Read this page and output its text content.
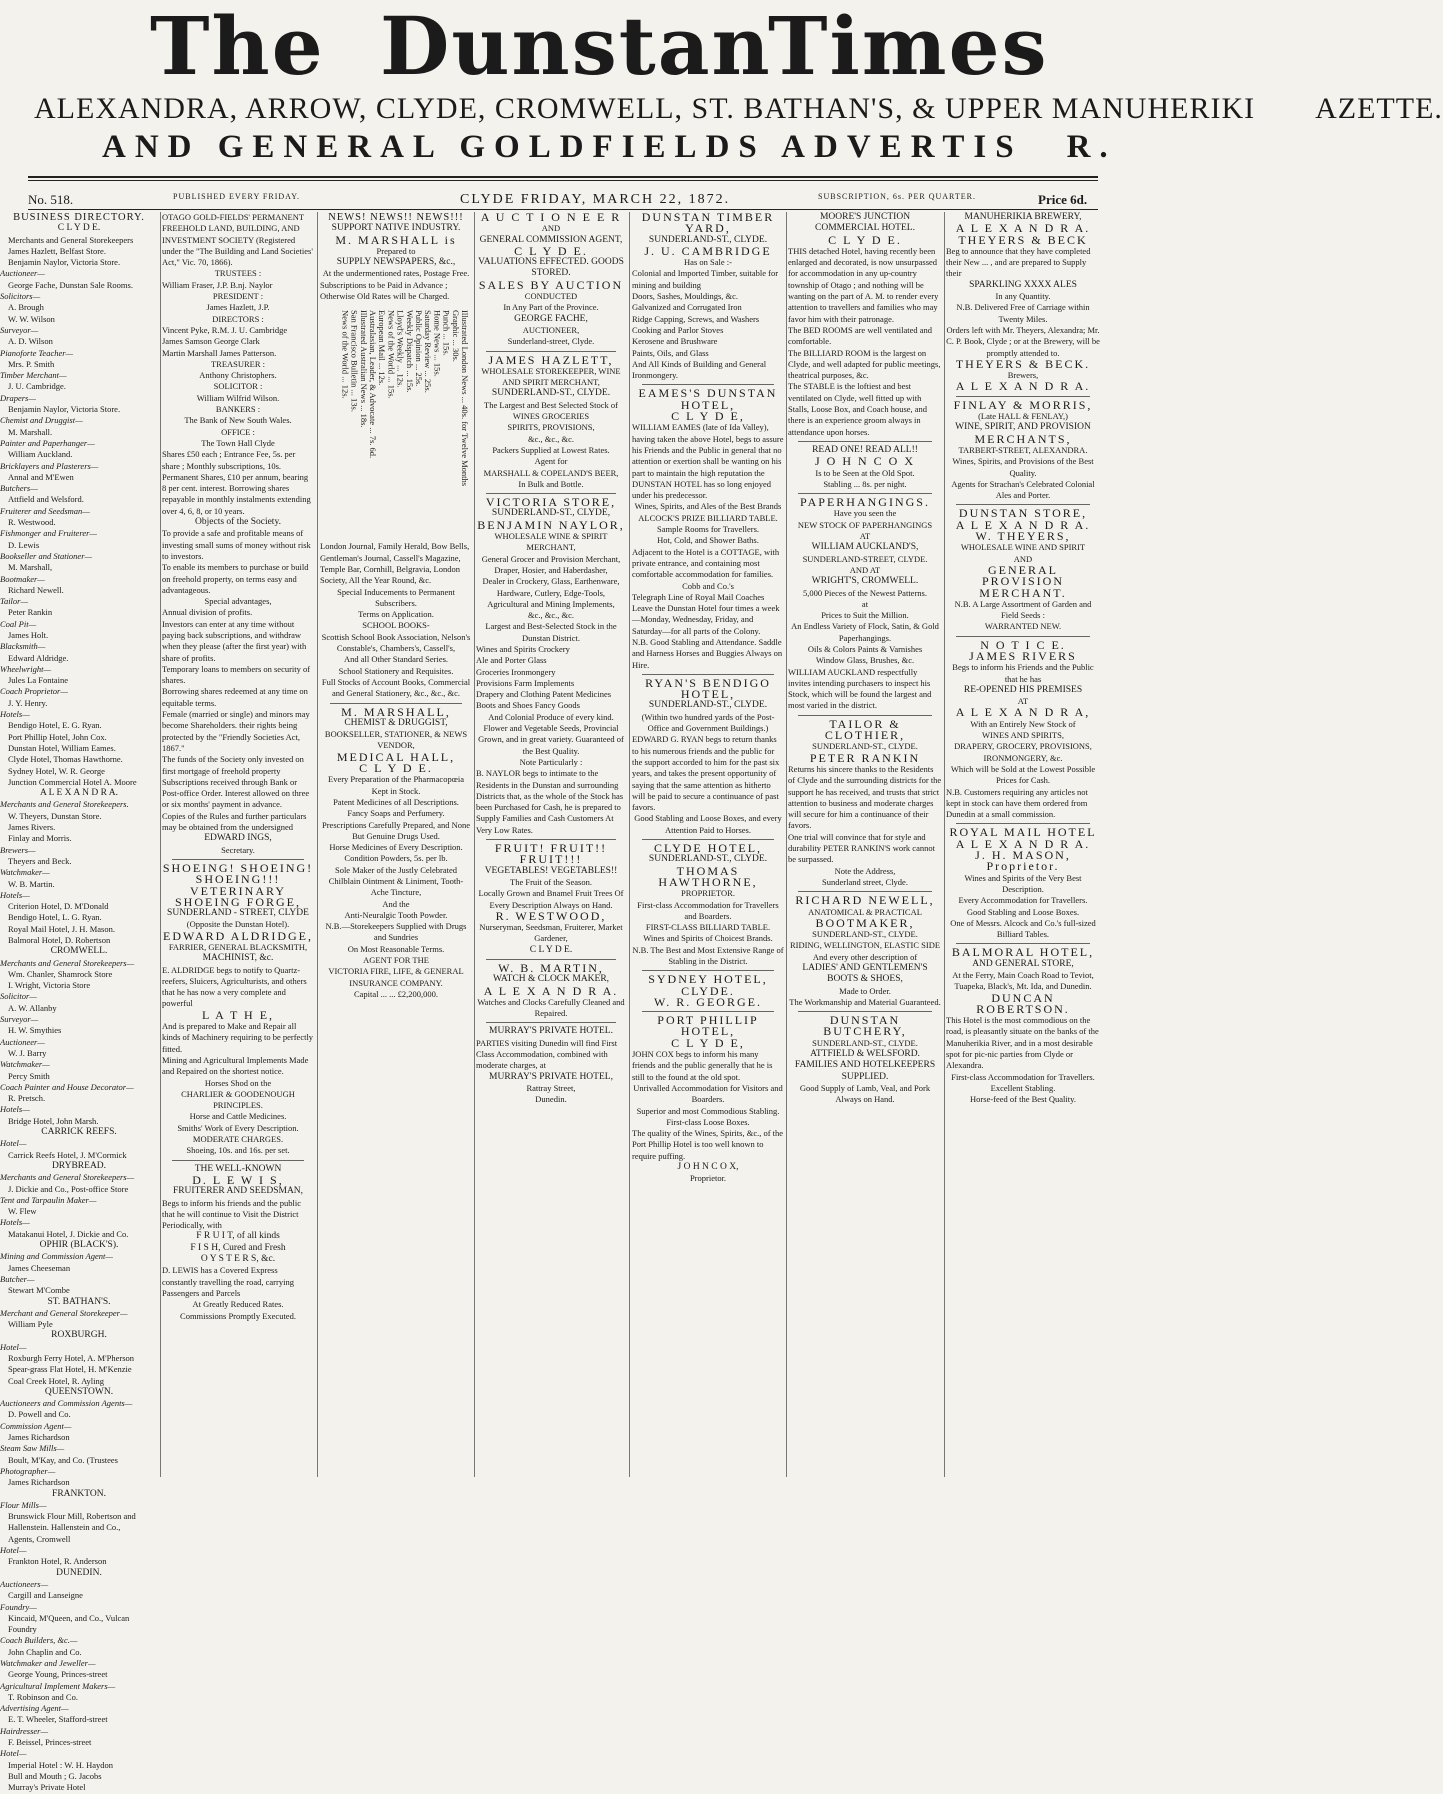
The Dunstan
Times
ALEXANDRA, ARROW, CLYDE, CROMWELL, ST. BATHAN'S, & UPPER MANUHERIKI AZETTE.
AND GENERAL GOLDFIELDS ADVERTIS R.
No. 518.	PUBLISHED EVERY FRIDAY.	CLYDE FRIDAY, MARCH 22, 1872.	SUBSCRIPTION, 6s. PER QUARTER.	Price 6d.

BUSINESS DIRECTORY.

C L Y D E.

Merchants and General Storekeepers

James Hazlett, Belfast Store.

Benjamin Naylor, Victoria Store.

Auctioneer—

George Fache, Dunstan Sale Rooms.

Solicitors—

A. Brough

W. W. Wilson

Surveyor—

A. D. Wilson

Pianoforte Teacher—

Mrs. P. Smith

Timber Merchant—

J. U. Cambridge.

Drapers—

Benjamin Naylor, Victoria Store.

Chemist and Druggist—

M. Marshall.

Painter and Paperhanger—

William Auckland.

Bricklayers and Plasterers—

Annal and M'Ewen

Butchers—

Attfield and Welsford.

Fruiterer and Seedsman—

R. Westwood.

Fishmonger and Fruiterer—

D. Lewis

Bookseller and Stationer—

M. Marshall,

Bootmaker—

Richard Newell.

Tailor—

Peter Rankin

Coal Pit—

James Holt.

Blacksmith—

Edward Aldridge.

Wheelwright—

Jules La Fontaine

Coach Proprietor—

J. Y. Henry.

Hotels—

Bendigo Hotel, E. G. Ryan.

Port Phillip Hotel, John Cox.

Dunstan Hotel, William Eames.

Clyde Hotel, Thomas Hawthorne.

Sydney Hotel, W. R. George

Junction Commercial Hotel A. Moore

A L E X A N D R A.

Merchants and General Storekeepers.

W. Theyers, Dunstan Store.

James Rivers.

Finlay and Morris.

Brewers—

Theyers and Beck.

Watchmaker—

W. B. Martin.

Hotels—

Criterion Hotel, D. M'Donald

Bendigo Hotel, L. G. Ryan.

Royal Mail Hotel, J. H. Mason.

Balmoral Hotel, D. Robertson

CROMWELL.

Merchants and General Storekeepers—

Wm. Chanler, Shamrock Store

I. Wright, Victoria Store

Solicitor—

A. W. Allanby

Surveyor—

H. W. Smythies

Auctioneer—

W. J. Barry

Watchmaker—

Percy Smith

Coach Painter and House Decorator—

R. Pretsch.

Hotels—

Bridge Hotel, John Marsh.

CARRICK REEFS.

Hotel—

Carrick Reefs Hotel, J. M'Cormick

DRYBREAD.

Merchants and General Storekeepers—

J. Dickie and Co., Post-office Store

Tent and Tarpaulin Maker—

W. Flew

Hotels—

Matakanui Hotel, J. Dickie and Co.

OPHIR (BLACK'S).

Mining and Commission Agent—

James Cheeseman

Butcher—

Stewart M'Combe

ST. BATHAN'S.

Merchant and General Storekeeper—

William Pyle

ROXBURGH.

Hotel—

Roxburgh Ferry Hotel, A. M'Pherson

Spear-grass Flat Hotel, H. M'Kenzie

Coal Creek Hotel, R. Ayling

QUEENSTOWN.

Auctioneers and Commission Agents—

D. Powell and Co.

Commission Agent—

James Richardson

Steam Saw Mills—

Boult, M'Kay, and Co. (Trustees

Photographer—

James Richardson

FRANKTON.

Flour Mills—

Brunswick Flour Mill, Robertson and

Hallenstein. Hallenstein and Co.,

Agents, Cromwell

Hotel—

Frankton Hotel, R. Anderson

DUNEDIN.

Auctioneers—

Cargill and Lanseigne

Foundry—

Kincaid, M'Queen, and Co., Vulcan

Foundry

Coach Builders, &c.—

John Chaplin and Co.

Watchmaker and Jeweller—

George Young, Princes-street

Agricultural Implement Makers—

T. Robinson and Co.

Advertising Agent—

E. T. Wheeler, Stafford-street

Hairdresser—

F. Beissel, Princes-street

Hotel—

Imperial Hotel : W. H. Haydon

Bull and Mouth ; G. Jacobs

Murray's Private Hotel

OTAGO GOLD-FIELDS' PERMANENT FREEHOLD LAND, BUILDING, AND INVESTMENT SOCIETY (Registered under the "The Building and Land Societies' Act," Vic. 70, 1866).

TRUSTEES :

William Fraser, J.P. B.nj. Naylor

PRESIDENT :

James Hazlett, J.P.

DIRECTORS :

Vincent Pyke, R.M. J. U. Cambridge

James Samson George Clark

Martin Marshall James Patterson.

TREASURER :

Anthony Christophers.

SOLICITOR :

William Wilfrid Wilson.

BANKERS :

The Bank of New South Wales.

OFFICE :

The Town Hall Clyde

Shares £50 each ; Entrance Fee, 5s. per share ; Monthly subscriptions, 10s. Permanent Shares, £10 per annum, bearing 8 per cent. interest. Borrowing shares repayable in monthly instalments extending over 4, 6, 8, or 10 years.

Objects of the Society.

To provide a safe and profitable means of investing small sums of money without risk to investors.

To enable its members to purchase or build on freehold property, on terms easy and advantageous.

Special advantages,

Annual division of profits.

Investors can enter at any time without paying back subscriptions, and withdraw when they please (after the first year) with share of profits.

Temporary loans to members on security of shares.

Borrowing shares redeemed at any time on equitable terms.

Female (married or single) and minors may become Shareholders. their rights being protected by the "Friendly Societies Act, 1867."

The funds of the Society only invested on first mortgage of freehold property

Subscriptions received through Bank or Post-office Order. Interest allowed on three or six months' payment in advance.

Copies of the Rules and further particulars may be obtained from the undersigned

EDWARD INGS,

Secretary.

SHOEING! SHOEING!

SHOEING!!!

VETERINARY SHOEING FORGE,

SUNDERLAND - STREET, CLYDE

(Opposite the Dunstan Hotel).

EDWARD ALDRIDGE,

FARRIER, GENERAL BLACKSMITH,

MACHINIST, &c.

E. ALDRIDGE begs to notify to Quartz-reefers, Sluicers, Agriculturists, and others that he has now a very complete and powerful

L A T H E,

And is prepared to Make and Repair all kinds of Machinery requiring to be perfectly fitted.

Mining and Agricultural Implements Made and Repaired on the shortest notice.

Horses Shod on the

CHARLIER & GOODENOUGH PRINCIPLES.

Horse and Cattle Medicines.

Smiths' Work of Every Description.

MODERATE CHARGES.

Shoeing, 10s. and 16s. per set.

THE WELL-KNOWN

D. L E W I S,

FRUITERER AND SEEDSMAN,

Begs to inform his friends and the public that he will continue to Visit the District Periodically, with

F R U I T, of all kinds

F I S H, Cured and Fresh

O Y S T E R S, &c.

D. LEWIS has a Covered Express constantly travelling the road, carrying Passengers and Parcels

At Greatly Reduced Rates.

Commissions Promptly Executed.

NEWS! NEWS!! NEWS!!!

SUPPORT NATIVE INDUSTRY.

M. MARSHALL is

Prepared to

SUPPLY NEWSPAPERS, &c.,

At the undermentioned rates, Postage Free.

Subscriptions to be Paid in Advance ; Otherwise Old Rates will be Charged.

Illustrated London News ... 40s. for Twelve Months
Graphic ... 30s.
Punch ... 15s.
Home News ... 15s.
Saturday Review ... 25s.
Public Opinion ... 25s.
Weekly Dispatch ... 15s.
Lloyd's Weekly ... 12s.
News of the World ... 15s.
European Mail ... 12s.
Australasian, Leader, & Advocate ... 7s. 6d.
Illustrated Australian News ... 18s.
San Francisco Bulletin ... 13s.
News of the World ... 12s.

London Journal, Family Herald, Bow Bells, Gentleman's Journal, Cassell's Magazine, Temple Bar, Cornhill, Belgravia, London Society, All the Year Round, &c.

Special Inducements to Permanent Subscribers.

Terms on Application.

SCHOOL BOOKS-

Scottish School Book Association, Nelson's Constable's, Chambers's, Cassell's,

And all Other Standard Series.

School Stationery and Requisites.

Full Stocks of Account Books, Commercial and General Stationery, &c., &c., &c.

M. MARSHALL,

CHEMIST & DRUGGIST,

BOOKSELLER, STATIONER, & NEWS VENDOR,

MEDICAL HALL,

C L Y D E.

Every Preparation of the Pharmacopœia Kept in Stock.

Patent Medicines of all Descriptions.

Fancy Soaps and Perfumery.

Prescriptions Carefully Prepared, and None But Genuine Drugs Used.

Horse Medicines of Every Description.

Condition Powders, 5s. per lb.

Sole Maker of the Justly Celebrated Chilblain Ointment & Liniment, Tooth-Ache Tincture,

And the

Anti-Neuralgic Tooth Powder.

N.B.—Storekeepers Supplied with Drugs and Sundries

On Most Reasonable Terms.

AGENT FOR THE

VICTORIA FIRE, LIFE, & GENERAL INSURANCE COMPANY.

Capital ... ... £2,200,000.

A U C T I O N E E R

AND

GENERAL COMMISSION AGENT,

C L Y D E.

VALUATIONS EFFECTED. GOODS STORED.

SALES BY AUCTION

CONDUCTED

In Any Part of the Province.

GEORGE FACHE,

AUCTIONEER,

Sunderland-street, Clyde.

JAMES HAZLETT,

WHOLESALE STOREKEEPER, WINE AND SPIRIT MERCHANT,

SUNDERLAND-ST., CLYDE.

The Largest and Best Selected Stock of

WINES GROCERIES

SPIRITS, PROVISIONS,

&c., &c., &c.

Packers Supplied at Lowest Rates.

Agent for

MARSHALL & COPELAND'S BEER,

In Bulk and Bottle.

VICTORIA STORE,

SUNDERLAND-ST., CLYDE,

BENJAMIN NAYLOR,

WHOLESALE WINE & SPIRIT MERCHANT,

General Grocer and Provision Merchant, Draper, Hosier, and Haberdasher,

Dealer in Crockery, Glass, Earthenware, Hardware, Cutlery, Edge-Tools, Agricultural and Mining Implements,

&c., &c., &c.

Largest and Best-Selected Stock in the Dunstan District.

Wines and Spirits Crockery

Ale and Porter Glass

Groceries Ironmongery

Provisions Farm Implements

Drapery and Clothing Patent Medicines

Boots and Shoes Fancy Goods

And Colonial Produce of every kind.

Flower and Vegetable Seeds, Provincial Grown, and in great variety. Guaranteed of the Best Quality.

Note Particularly :

B. NAYLOR begs to intimate to the Residents in the Dunstan and surrounding Districts that, as the whole of the Stock has been Purchased for Cash, he is prepared to Supply Families and Cash Customers At Very Low Rates.

FRUIT! FRUIT!! FRUIT!!!

VEGETABLES! VEGETABLES!!

The Fruit of the Season.

Locally Grown and Bnamel Fruit Trees Of Every Description Always on Hand.

R. WESTWOOD,

Nurseryman, Seedsman, Fruiterer, Market Gardener,

C L Y D E.

W. B. MARTIN,

WATCH & CLOCK MAKER,

A L E X A N D R A.

Watches and Clocks Carefully Cleaned and Repaired.

MURRAY'S PRIVATE HOTEL.

PARTIES visiting Dunedin will find First Class Accommodation, combined with moderate charges, at

MURRAY'S PRIVATE HOTEL,

Rattray Street,

Dunedin.

DUNSTAN TIMBER YARD,

SUNDERLAND-ST., CLYDE.

J. U. CAMBRIDGE

Has on Sale :-

Colonial and Imported Timber, suitable for mining and building

Doors, Sashes, Mouldings, &c.

Galvanized and Corrugated Iron

Ridge Capping, Screws, and Washers

Cooking and Parlor Stoves

Kerosene and Brushware

Paints, Oils, and Glass

And All Kinds of Building and General Ironmongery.

EAMES'S DUNSTAN HOTEL,

C L Y D E,

WILLIAM EAMES (late of Ida Valley), having taken the above Hotel, begs to assure his Friends and the Public in general that no attention or exertion shall be wanting on his part to maintain the high reputation the DUNSTAN HOTEL has so long enjoyed under his predecessor.

Wines, Spirits, and Ales of the Best Brands

ALCOCK'S PRIZE BILLIARD TABLE.

Sample Rooms for Travellers.

Hot, Cold, and Shower Baths.

Adjacent to the Hotel is a COTTAGE, with private entrance, and containing most comfortable accommodation for families.

Cobb and Co.'s

Telegraph Line of Royal Mail Coaches Leave the Dunstan Hotel four times a week—Monday, Wednesday, Friday, and Saturday—for all parts of the Colony.

N.B. Good Stabling and Attendance. Saddle and Harness Horses and Buggies Always on Hire.

RYAN'S BENDIGO HOTEL,

SUNDERLAND-ST., CLYDE.

(Within two hundred yards of the Post-Office and Government Buildings.)

EDWARD G. RYAN begs to return thanks to his numerous friends and the public for the support accorded to him for the past six years, and takes the present opportunity of saying that the same attention as hitherto will be paid to secure a continuance of past favors.

Good Stabling and Loose Boxes, and every Attention Paid to Horses.

CLYDE HOTEL,

SUNDERLAND-ST., CLYDE.

THOMAS HAWTHORNE,

PROPRIETOR.

First-class Accommodation for Travellers and Boarders.

FIRST-CLASS BILLIARD TABLE.

Wines and Spirits of Choicest Brands.

N.B. The Best and Most Extensive Range of Stabling in the District.

SYDNEY HOTEL,

CLYDE.

W. R. GEORGE.

PORT PHILLIP HOTEL,

C L Y D E,

JOHN COX begs to inform his many friends and the public generally that he is still to the found at the old spot.

Unrivalled Accommodation for Visitors and Boarders.

Superior and most Commodious Stabling. First-class Loose Boxes.

The quality of the Wines, Spirits, &c., of the Port Phillip Hotel is too well known to require puffing.

J O H N C O X,

Proprietor.

MOORE'S JUNCTION COMMERCIAL HOTEL.

C L Y D E.

THIS detached Hotel, having recently been enlarged and decorated, is now unsurpassed for accommodation in any up-country township of Otago ; and nothing will be wanting on the part of A. M. to render every attention to travellers and families who may favor him with their patronage.

The BED ROOMS are well ventilated and comfortable.

The BILLIARD ROOM is the largest on Clyde, and well adapted for public meetings, theatrical purposes, &c.

The STABLE is the loftiest and best ventilated on Clyde, well fitted up with Stalls, Loose Box, and Coach house, and there is an experience groom always in attendance upon horses.

READ ONE! READ ALL!!

J O H N C O X

Is to be Seen at the Old Spot.

Stabling ... 8s. per night.

PAPERHANGINGS.

Have you seen the

NEW STOCK OF PAPERHANGINGS

AT

WILLIAM AUCKLAND'S,

SUNDERLAND-STREET, CLYDE.

AND AT

WRIGHT'S, CROMWELL.

5,000 Pieces of the Newest Patterns.

at

Prices to Suit the Million.

An Endless Variety of Flock, Satin, & Gold Paperhangings.

Oils & Colors Paints & Varnishes

Window Glass, Brushes, &c.

WILLIAM AUCKLAND respectfully invites intending purchasers to inspect his Stock, which will be found the largest and most varied in the district.

TAILOR & CLOTHIER,

SUNDERLAND-ST., CLYDE.

PETER RANKIN

Returns his sincere thanks to the Residents of Clyde and the surrounding districts for the support he has received, and trusts that strict attention to business and moderate charges will secure for him a continuance of their favors.

One trial will convince that for style and durability PETER RANKIN'S work cannot be surpassed.

Note the Address,

Sunderland street, Clyde.

RICHARD NEWELL,

ANATOMICAL & PRACTICAL

BOOTMAKER,

SUNDERLAND-ST., CLYDE.

RIDING, WELLINGTON, ELASTIC SIDE

And every other description of

LADIES' AND GENTLEMEN'S

BOOTS & SHOES,

Made to Order.

The Workmanship and Material Guaranteed.

DUNSTAN BUTCHERY,

SUNDERLAND-ST., CLYDE.

ATTFIELD & WELSFORD.

FAMILIES AND HOTELKEEPERS SUPPLIED.

Good Supply of Lamb, Veal, and Pork Always on Hand.

MANUHERIKIA BREWERY,

A L E X A N D R A.

THEYERS & BECK

Beg to announce that they have completed their New ... , and are prepared to Supply their

SPARKLING XXXX ALES

In any Quantity.

N.B. Delivered Free of Carriage within Twenty Miles.

Orders left with Mr. Theyers, Alexandra; Mr. C. P. Book, Clyde ; or at the Brewery, will be promptly attended to.

THEYERS & BECK.

Brewers,

A L E X A N D R A.

FINLAY & MORRIS,

(Late HALL & FENLAY,)

WINE, SPIRIT, AND PROVISION

MERCHANTS,

TARBERT-STREET, ALEXANDRA.

Wines, Spirits, and Provisions of the Best Quality.

Agents for Strachan's Celebrated Colonial Ales and Porter.

DUNSTAN STORE,

A L E X A N D R A.

W. THEYERS,

WHOLESALE WINE AND SPIRIT

AND

GENERAL PROVISION

MERCHANT.

N.B. A Large Assortment of Garden and Field Seeds :

WARRANTED NEW.

N O T I C E.

JAMES RIVERS

Begs to inform his Friends and the Public that he has

RE-OPENED HIS PREMISES

AT

A L E X A N D R A,

With an Entirely New Stock of

WINES AND SPIRITS,

DRAPERY, GROCERY, PROVISIONS,

IRONMONGERY, &c.

Which will be Sold at the Lowest Possible Prices for Cash.

N.B. Customers requiring any articles not kept in stock can have them ordered from Dunedin at a small commission.

ROYAL MAIL HOTEL

A L E X A N D R A.

J. H. MASON, Proprietor.

Wines and Spirits of the Very Best Description.

Every Accommodation for Travellers.

Good Stabling and Loose Boxes.

One of Messrs. Alcock and Co.'s full-sized Billiard Tables.

BALMORAL HOTEL,

AND GENERAL STORE,

At the Ferry, Main Coach Road to Teviot, Tuapeka, Black's, Mt. Ida, and Dunedin.

DUNCAN ROBERTSON.

This Hotel is the most commodious on the road, is pleasantly situate on the banks of the Manuherikia River, and in a most desirable spot for pic-nic parties from Clyde or Alexandra.

First-class Accommodation for Travellers. Excellent Stabling.

Horse-feed of the Best Quality.
